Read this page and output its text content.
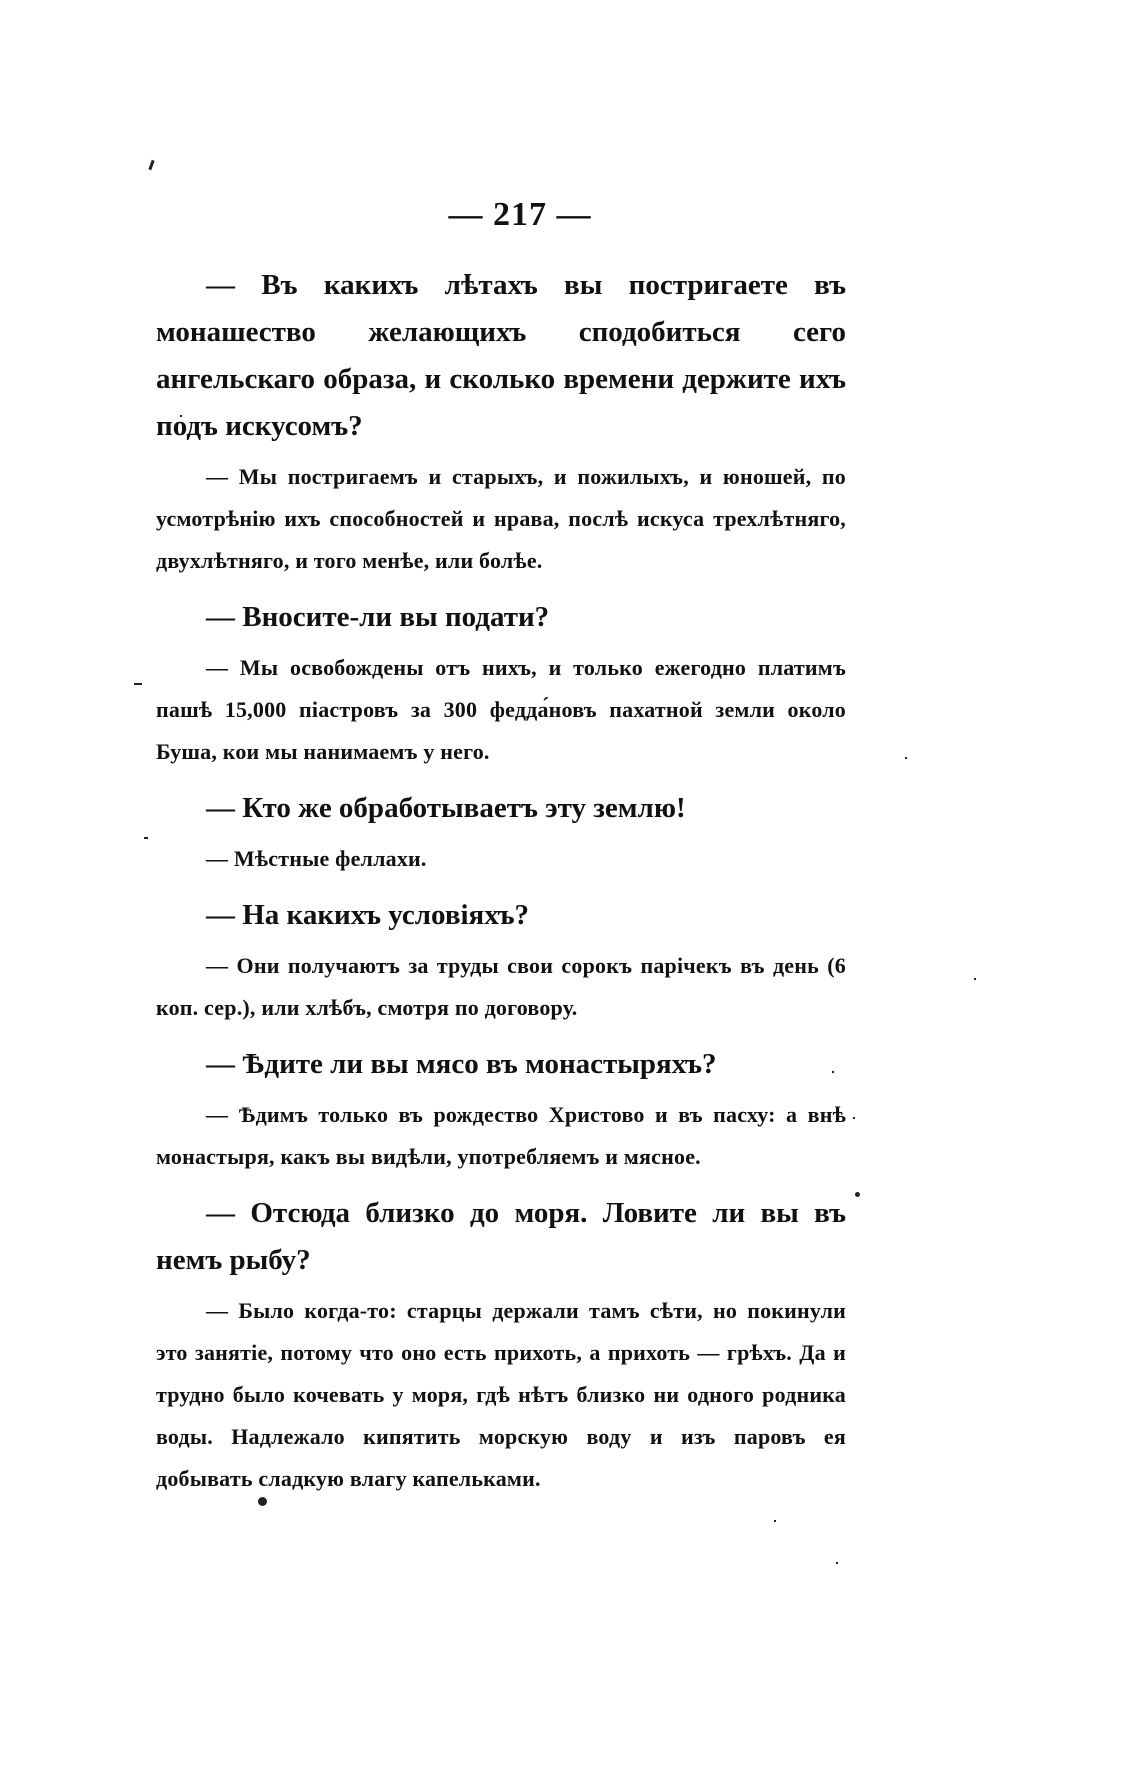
— 217 —

— Въ какихъ лѣтахъ вы постригаете въ монашество желающихъ сподобиться сего ангельскаго образа, и сколько времени держите ихъ подъ искусомъ?

— Мы постригаемъ и старыхъ, и пожилыхъ, и юношей, по усмотрѣнію ихъ способностей и нрава, послѣ искуса трехлѣтняго, двухлѣтняго, и того менѣе, или болѣе.

— Вносите-ли вы подати?

— Мы освобождены отъ нихъ, и только ежегодно платимъ пашѣ 15,000 піастровъ за 300 федда́новъ пахатной земли около Буша, кои мы нанимаемъ у него.

— Кто же обработываетъ эту землю!

— Мѣстные феллахи.

— На какихъ условіяхъ?

— Они получаютъ за труды свои сорокъ парічекъ въ день (6 коп. сер.), или хлѣбъ, смотря по договору.

— Ѣдите ли вы мясо въ монастыряхъ?

— Ѣдимъ только въ рождество Христово и въ пасху: а внѣ монастыря, какъ вы видѣли, употребляемъ и мясное.

— Отсюда близко до моря. Ловите ли вы въ немъ рыбу?

— Было когда-то: старцы держали тамъ сѣти, но покинули это занятіе, потому что оно есть прихоть, а прихоть — грѣхъ. Да и трудно было кочевать у моря, гдѣ нѣтъ близко ни одного родника воды. Надлежало кипятить морскую воду и изъ паровъ ея добывать сладкую влагу капельками.
